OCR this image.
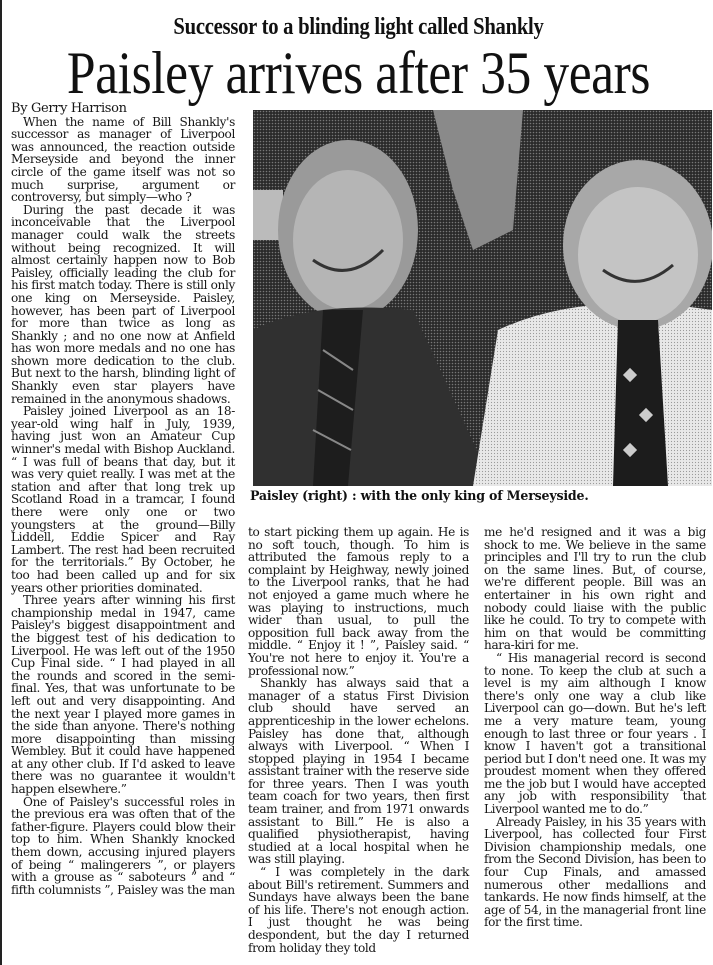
Successor to a blinding light called Shankly
Paisley arrives after 35 years

By Gerry Harrison

When the name of Bill Shankly's successor as manager of Liverpool was announced, the reaction outside Merseyside and beyond the inner circle of the game itself was not so much surprise, argument or controversy, but simply—who ?

During the past decade it was inconceivable that the Liverpool manager could walk the streets without being recognized. It will almost certainly happen now to Bob Paisley, officially leading the club for his first match today. There is still only one king on Merseyside. Paisley, however, has been part of Liverpool for more than twice as long as Shankly ; and no one now at Anfield has won more medals and no one has shown more dedication to the club. But next to the harsh, blinding light of Shankly even star players have remained in the anonymous shadows.

Paisley joined Liverpool as an 18-year-old wing half in July, 1939, having just won an Amateur Cup winner's medal with Bishop Auckland. “ I was full of beans that day, but it was very quiet really. I was met at the station and after that long trek up Scotland Road in a tramcar, I found there were only one or two youngsters at the ground—Billy Liddell, Eddie Spicer and Ray Lambert. The rest had been recruited for the territorials.” By October, he too had been called up and for six years other priorities dominated.

Three years after winning his first championship medal in 1947, came Paisley's biggest disappointment and the biggest test of his dedication to Liverpool. He was left out of the 1950 Cup Final side. “ I had played in all the rounds and scored in the semi-final. Yes, that was unfortunate to be left out and very disappointing. And the next year I played more games in the side than anyone. There's nothing more disappointing than missing Wembley. But it could have happened at any other club. If I'd asked to leave there was no guarantee it wouldn't happen elsewhere.”

One of Paisley's successful roles in the previous era was often that of the father-figure. Players could blow their top to him. When Shankly knocked them down, accusing injured players of being “ malingerers ”, or players with a grouse as “ saboteurs ” and “ fifth columnists ”, Paisley was the man

Paisley (right) : with the only king of Merseyside.

to start picking them up again. He is no soft touch, though. To him is attributed the famous reply to a complaint by Heighway, newly joined to the Liverpool ranks, that he had not enjoyed a game much where he was playing to instructions, much wider than usual, to pull the opposition full back away from the middle. “ Enjoy it ! ”, Paisley said. “ You're not here to enjoy it. You're a professional now.”

Shankly has always said that a manager of a status First Division club should have served an apprenticeship in the lower echelons. Paisley has done that, although always with Liverpool. “ When I stopped playing in 1954 I became assistant trainer with the reserve side for three years. Then I was youth team coach for two years, then first team trainer, and from 1971 onwards assistant to Bill.” He is also a qualified physiotherapist, having studied at a local hospital when he was still playing.

“ I was completely in the dark about Bill's retirement. Summers and Sundays have always been the bane of his life. There's not enough action. I just thought he was being despondent, but the day I returned from holiday they told

me he'd resigned and it was a big shock to me. We believe in the same principles and I'll try to run the club on the same lines. But, of course, we're different people. Bill was an entertainer in his own right and nobody could liaise with the public like he could. To try to compete with him on that would be committing hara-kiri for me.

“ His managerial record is second to none. To keep the club at such a level is my aim although I know there's only one way a club like Liverpool can go—down. But he's left me a very mature team, young enough to last three or four years . I know I haven't got a transitional period but I don't need one. It was my proudest moment when they offered me the job but I would have accepted any job with responsibility that Liverpool wanted me to do.”

Already Paisley, in his 35 years with Liverpool, has collected four First Division championship medals, one from the Second Division, has been to four Cup Finals, and amassed numerous other medallions and tankards. He now finds himself, at the age of 54, in the managerial front line for the first time.
